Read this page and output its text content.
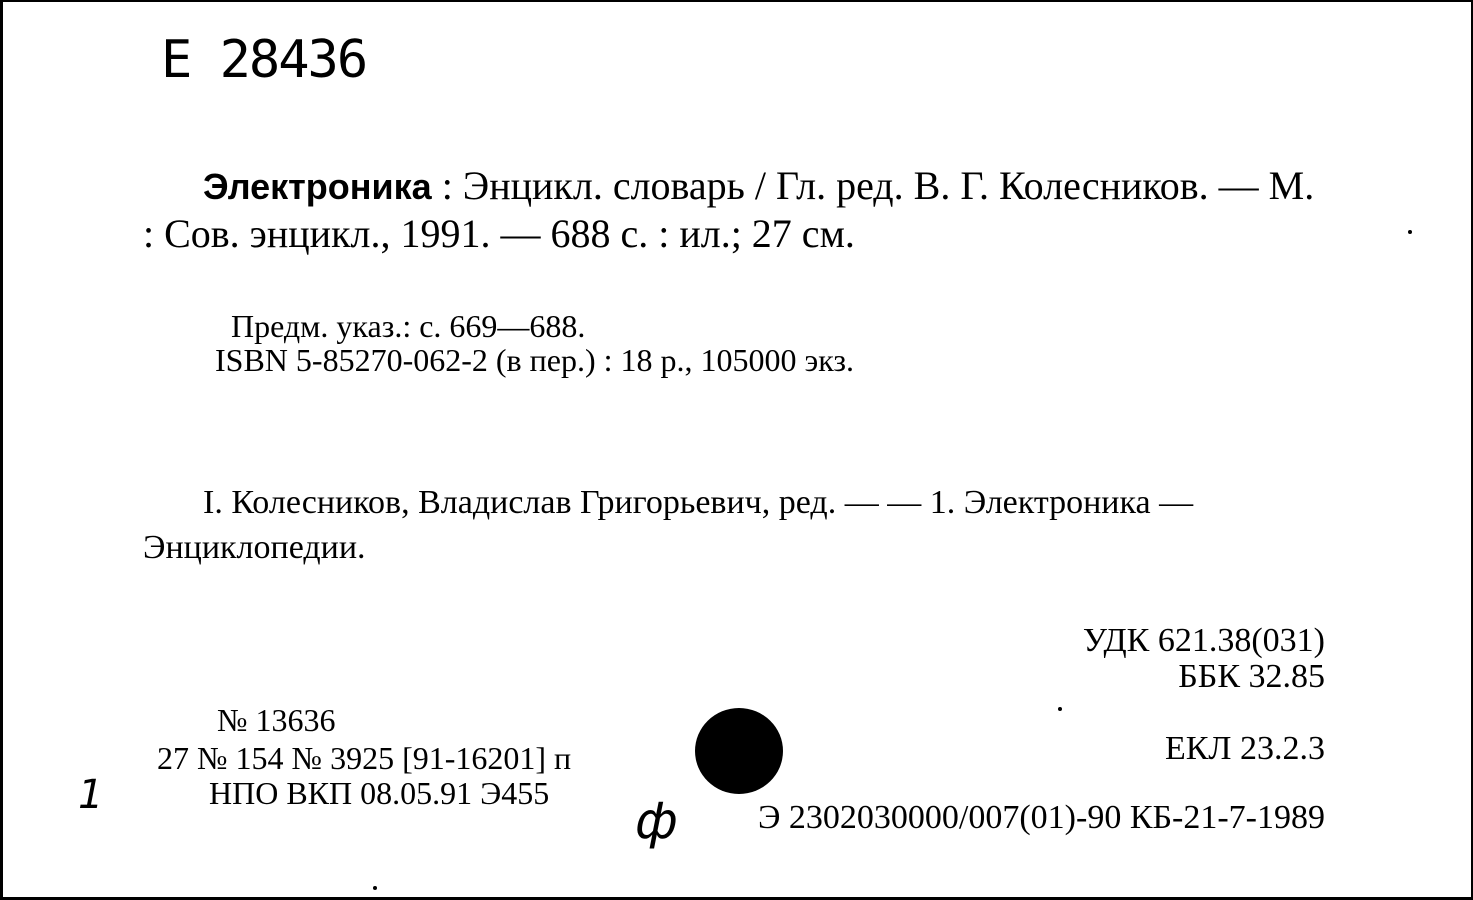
Е 28436
Электроника : Энцикл. словарь / Гл. ред. В. Г. Колесников. — М. : Сов. энцикл., 1991. — 688 с. : ил.; 27 см.
Предм. указ.: с. 669—688.
ISBN 5-85270-062-2 (в пер.) : 18 р., 105000 экз.
I. Колесников, Владислав Григорьевич, ред. — — 1. Электроника — Энциклопедии.
УДК 621.38(031)
ББК 32.85
ЕКЛ 23.2.3
Э 2302030000/007(01)-90 КБ-21-7-1989
№ 13636
27 № 154 № 3925 [91-16201] п
НПО ВКП 08.05.91 Э455
1	ф
